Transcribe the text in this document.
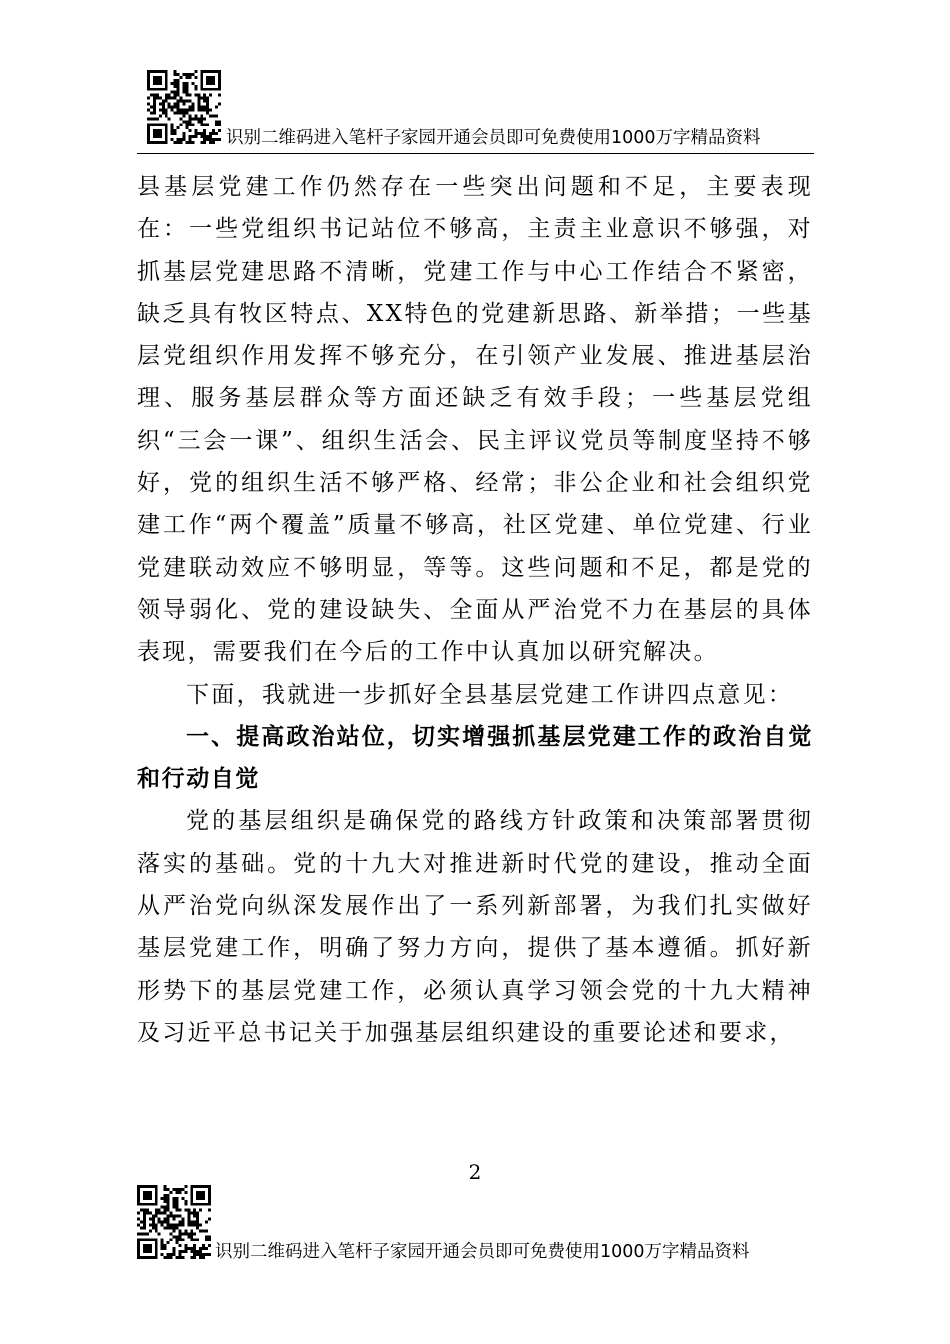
识别二维码进入笔杆子家园开通会员即可免费使用1000万字精品资料

县基层党建工作仍然存在一些突出问题和不足，主要表现在：一些党组织书记站位不够高，主责主业意识不够强，对抓基层党建思路不清晰，党建工作与中心工作结合不紧密，缺乏具有牧区特点、XX特色的党建新思路、新举措；一些基层党组织作用发挥不够充分，在引领产业发展、推进基层治理、服务基层群众等方面还缺乏有效手段；一些基层党组织“三会一课”、组织生活会、民主评议党员等制度坚持不够好，党的组织生活不够严格、经常；非公企业和社会组织党建工作“两个覆盖”质量不够高，社区党建、单位党建、行业党建联动效应不够明显，等等。这些问题和不足，都是党的领导弱化、党的建设缺失、全面从严治党不力在基层的具体表现，需要我们在今后的工作中认真加以研究解决。

下面，我就进一步抓好全县基层党建工作讲四点意见：

一、提高政治站位，切实增强抓基层党建工作的政治自觉和行动自觉

党的基层组织是确保党的路线方针政策和决策部署贯彻落实的基础。党的十九大对推进新时代党的建设，推动全面从严治党向纵深发展作出了一系列新部署，为我们扎实做好基层党建工作，明确了努力方向，提供了基本遵循。抓好新形势下的基层党建工作，必须认真学习领会党的十九大精神及习近平总书记关于加强基层组织建设的重要论述和要求，

2
识别二维码进入笔杆子家园开通会员即可免费使用1000万字精品资料
